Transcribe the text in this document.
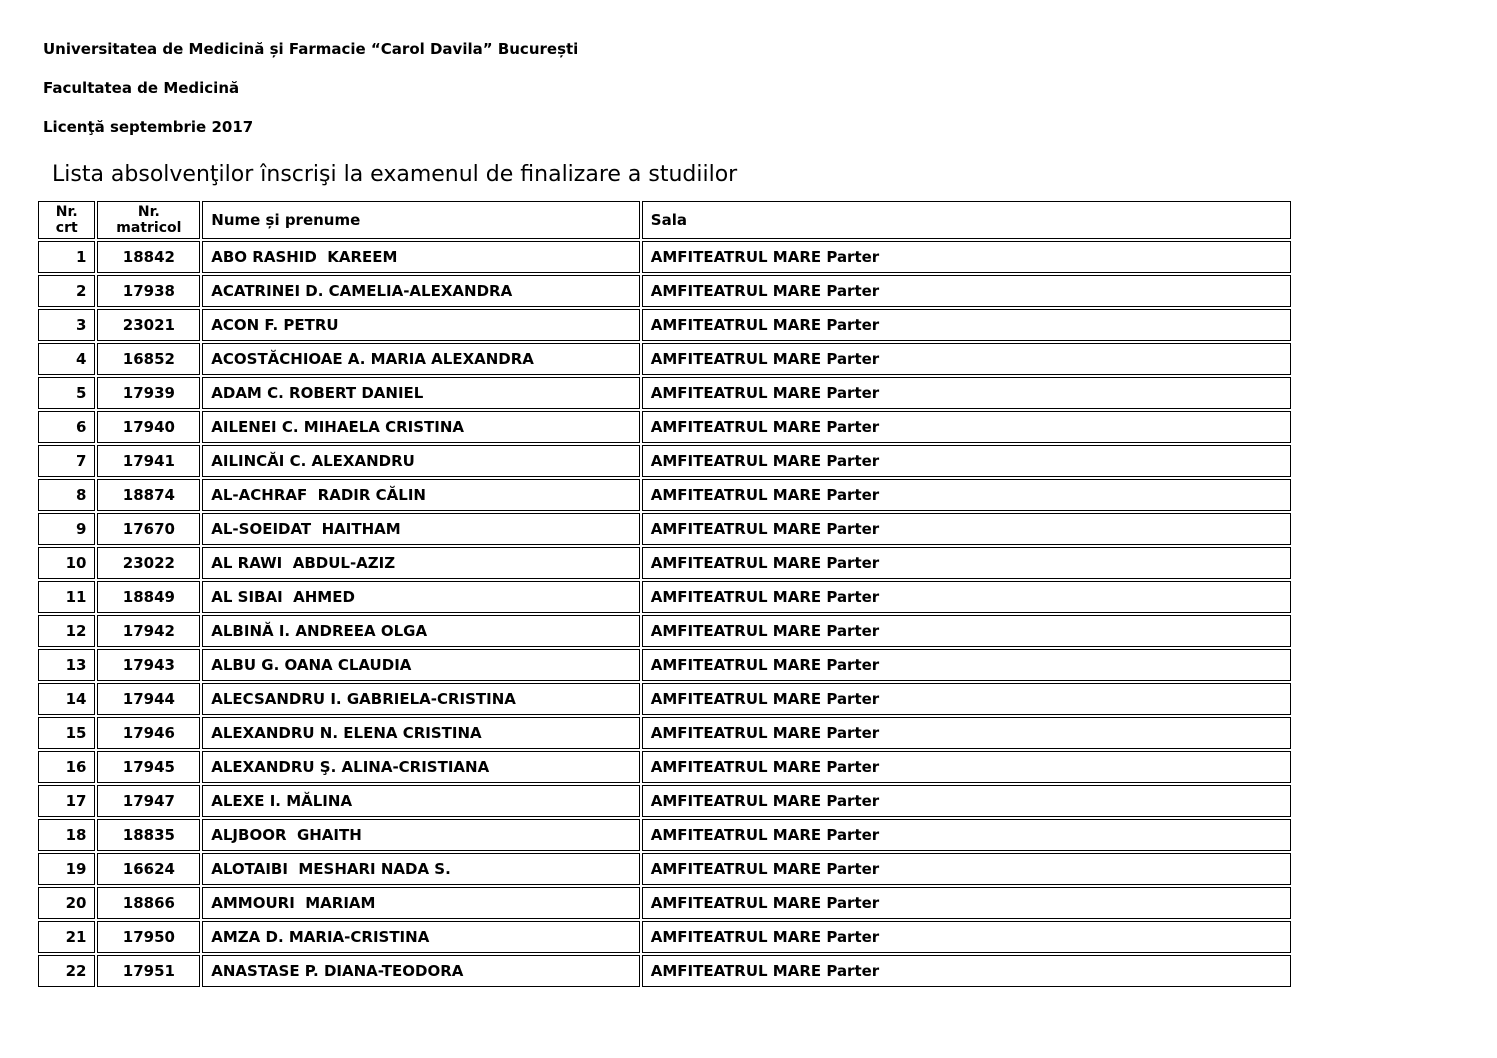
Universitatea de Medicină și Farmacie “Carol Davila” București

Facultatea de Medicină

Licenţă septembrie 2017

Lista absolvenţilor înscrişi la examenul de finalizare a studiilor
Nr. crt	Nr. matricol	Nume și prenume	Sala
1	18842	ABO RASHID  KAREEM	AMFITEATRUL MARE Parter
2	17938	ACATRINEI D. CAMELIA-ALEXANDRA	AMFITEATRUL MARE Parter
3	23021	ACON F. PETRU	AMFITEATRUL MARE Parter
4	16852	ACOSTĂCHIOAE A. MARIA ALEXANDRA	AMFITEATRUL MARE Parter
5	17939	ADAM C. ROBERT DANIEL	AMFITEATRUL MARE Parter
6	17940	AILENEI C. MIHAELA CRISTINA	AMFITEATRUL MARE Parter
7	17941	AILINCĂI C. ALEXANDRU	AMFITEATRUL MARE Parter
8	18874	AL-ACHRAF  RADIR CĂLIN	AMFITEATRUL MARE Parter
9	17670	AL-SOEIDAT  HAITHAM	AMFITEATRUL MARE Parter
10	23022	AL RAWI  ABDUL-AZIZ	AMFITEATRUL MARE Parter
11	18849	AL SIBAI  AHMED	AMFITEATRUL MARE Parter
12	17942	ALBINĂ I. ANDREEA OLGA	AMFITEATRUL MARE Parter
13	17943	ALBU G. OANA CLAUDIA	AMFITEATRUL MARE Parter
14	17944	ALECSANDRU I. GABRIELA-CRISTINA	AMFITEATRUL MARE Parter
15	17946	ALEXANDRU N. ELENA CRISTINA	AMFITEATRUL MARE Parter
16	17945	ALEXANDRU Ş. ALINA-CRISTIANA	AMFITEATRUL MARE Parter
17	17947	ALEXE I. MĂLINA	AMFITEATRUL MARE Parter
18	18835	ALJBOOR  GHAITH	AMFITEATRUL MARE Parter
19	16624	ALOTAIBI  MESHARI NADA S.	AMFITEATRUL MARE Parter
20	18866	AMMOURI  MARIAM	AMFITEATRUL MARE Parter
21	17950	AMZA D. MARIA-CRISTINA	AMFITEATRUL MARE Parter
22	17951	ANASTASE P. DIANA-TEODORA	AMFITEATRUL MARE Parter
